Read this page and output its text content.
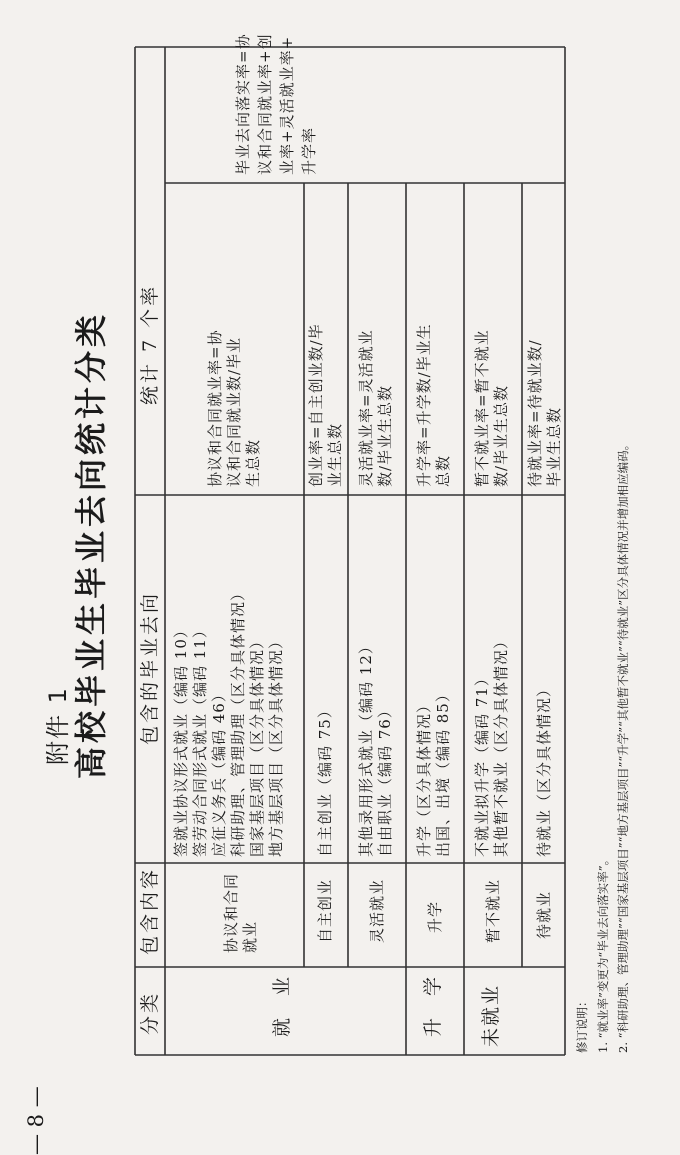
附件 1 高校毕业生毕业去向统计分类
分类
包含内容
包含的毕业去向
统计 7 个率
就 业	升 学 未就业
协议和合同
就业
签就业协议形式就业（编码 10）
签劳动合同形式就业（编码 11）
应征义务兵（编码 46）
科研助理、管理助理（区分具体情况）
国家基层项目（区分具体情况）
地方基层项目（区分具体情况）
协议和合同就业率=协
议和合同就业数/毕业
生总数
自主创业
自主创业（编码 75）
创业率=自主创业数/毕
业生总数
灵活就业
其他录用形式就业（编码 12）
自由职业（编码 76）
灵活就业率=灵活就业
数/毕业生总数
升学
升学（区分具体情况）
出国、出境（编码 85）
升学率=升学数/毕业生
总数
暂不就业
不就业拟升学（编码 71）
其他暂不就业（区分具体情况）
暂不就业率=暂不就业
数/毕业生总数
待就业
待就业（区分具体情况）
待就业率=待就业数/
毕业生总数
毕业去向落实率=协
议和合同就业率+创
业率+灵活就业率+
升学率
修订说明： 1. “就业率”变更为“毕业去向落实率”。 2. “科研助理、管理助理”“国家基层项目”“地方基层项目”“升学”“其他暂不就业”“待就业”区分具体情况并增加相应编码。
— 8 —
